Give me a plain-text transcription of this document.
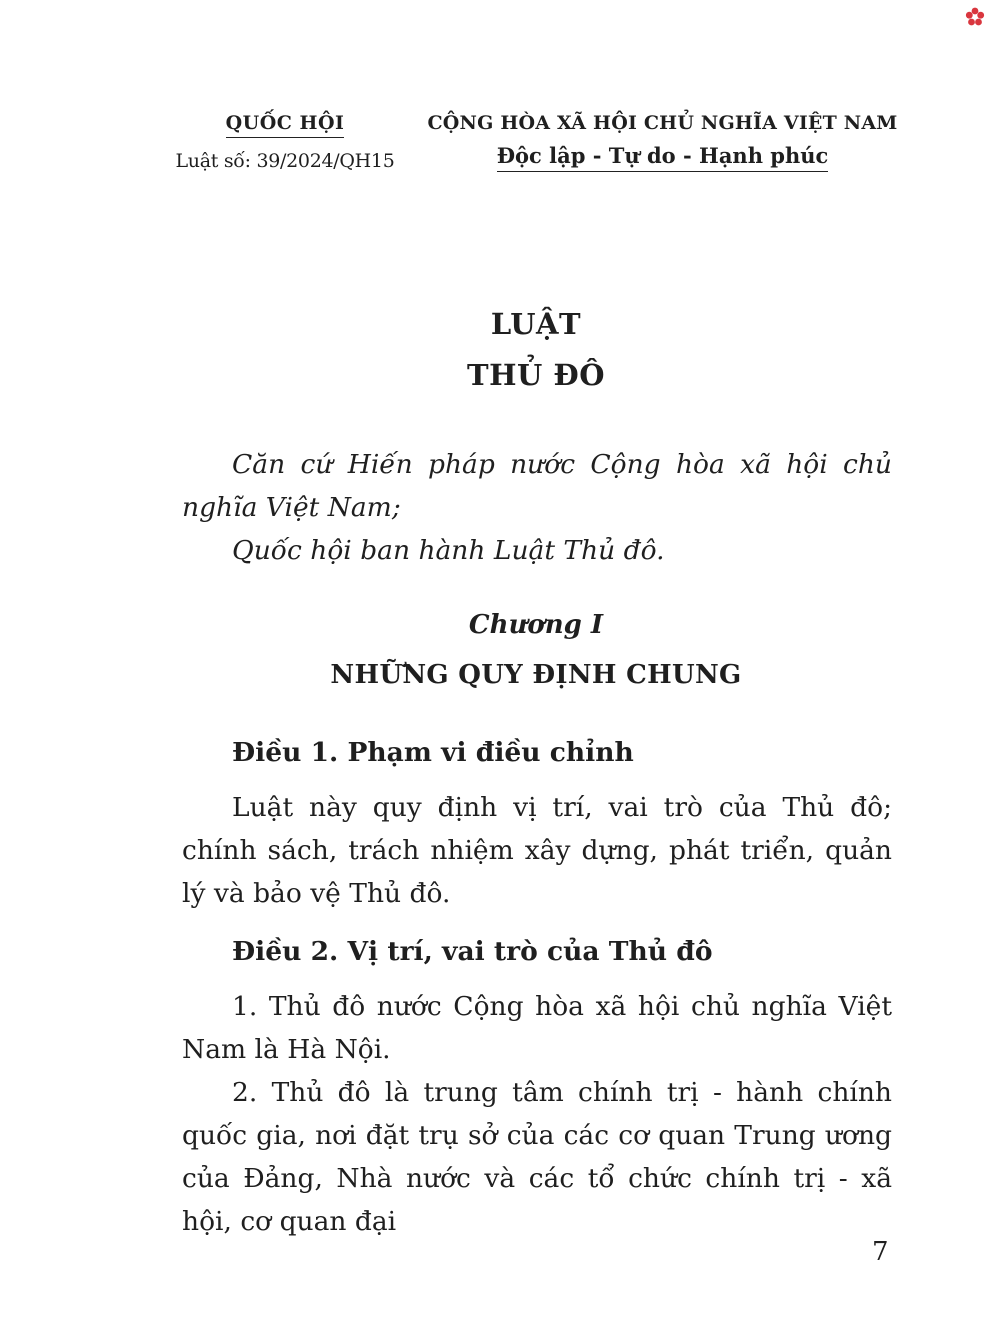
QUỐC HỘI
Luật số: 39/2024/QH15
CỘNG HÒA XÃ HỘI CHỦ NGHĨA VIỆT NAM
Độc lập - Tự do - Hạnh phúc
LUẬT
THỦ ĐÔ

Căn cứ Hiến pháp nước Cộng hòa xã hội chủ nghĩa Việt Nam;

Quốc hội ban hành Luật Thủ đô.

Chương I
NHỮNG QUY ĐỊNH CHUNG
Điều 1. Phạm vi điều chỉnh

Luật này quy định vị trí, vai trò của Thủ đô; chính sách, trách nhiệm xây dựng, phát triển, quản lý và bảo vệ Thủ đô.

Điều 2. Vị trí, vai trò của Thủ đô

1. Thủ đô nước Cộng hòa xã hội chủ nghĩa Việt Nam là Hà Nội.

2. Thủ đô là trung tâm chính trị - hành chính quốc gia, nơi đặt trụ sở của các cơ quan Trung ương của Đảng, Nhà nước và các tổ chức chính trị - xã hội, cơ quan đại

7
